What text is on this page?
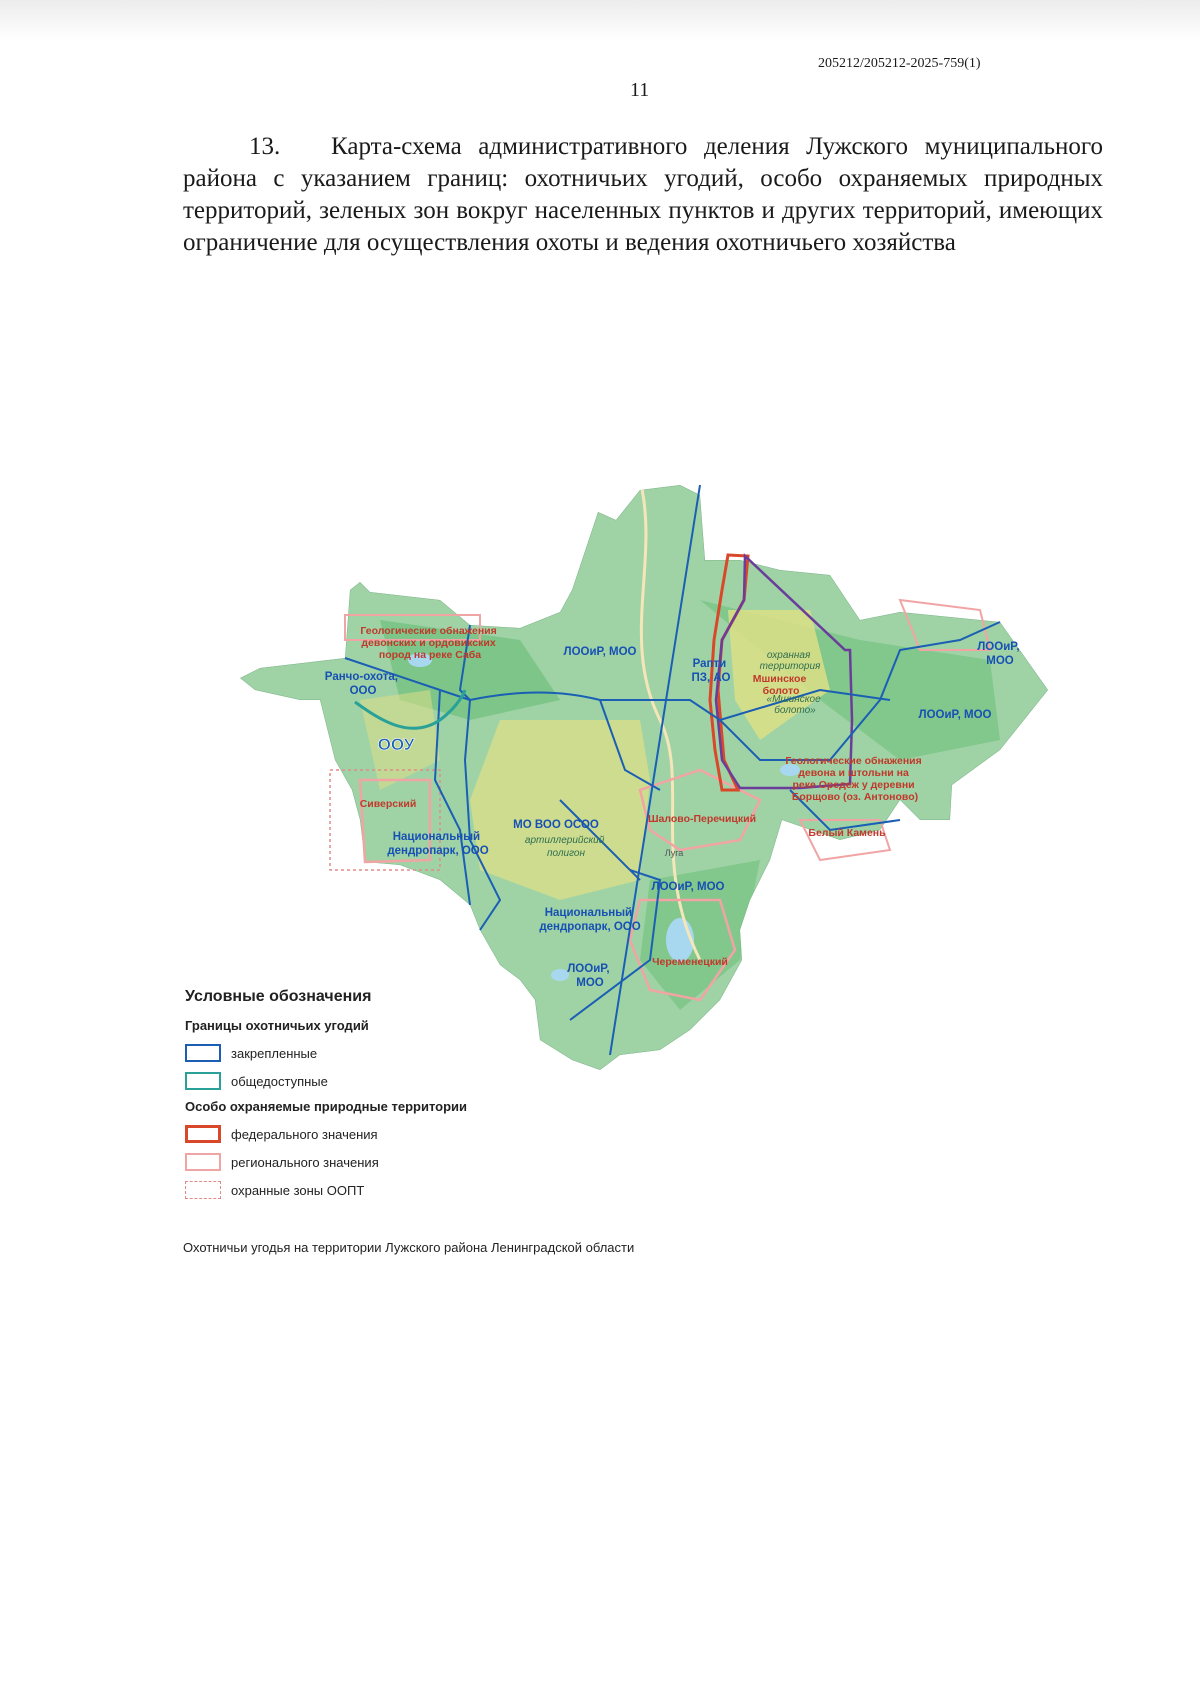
205212/205212-2025-759(1)
11
13. Карта-схема административного деления Лужского муниципального района с указанием границ: охотничьих угодий, особо охраняемых природных территорий, зеленых зон вокруг населенных пунктов и других территорий, имеющих ограничение для осуществления охоты и ведения охотничьего хозяйства
Геологические обнажения девонских и ордовикских пород на реке Саба
Ранчо-охота, ООО
ЛООиР, МОО
Рапти ПЗ, АО
охранная территория
Мшинское болото
«Мшинское болото»
ЛООиР, МОО
ЛООиР, МОО
ООУ
Сиверский
Национальный дендропарк, ООО
МО ВОО ОСОО
артиллерийский полигон
Шалово-Перечицкий
Геологические обнажения девона и штольни на реке Оредеж у деревни Борщово (оз. Антоново)
Белый Камень
Луга
ЛООиР, МОО
Национальный дендропарк, ООО
Череменецкий
ЛООиР, МОО
Условные обозначения
Границы охотничьих угодий
закрепленные
общедоступные
Особо охраняемые природные территории
федерального значения
регионального значения
охранные зоны ООПТ
Охотничьи угодья на территории Лужского района Ленинградской области
